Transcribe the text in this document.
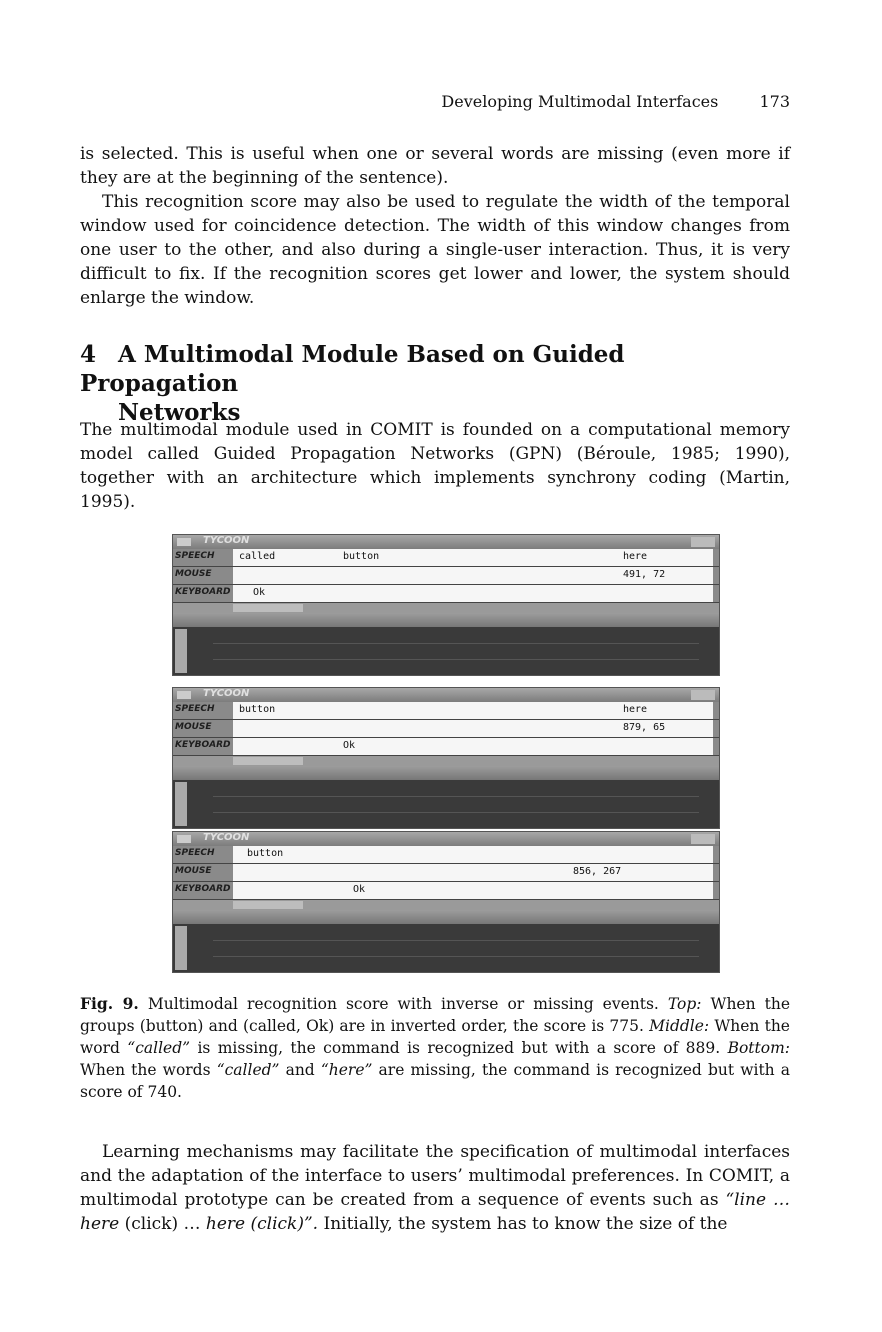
Developing Multimodal Interfaces	173

is selected. This is useful when one or several words are missing (even more if they are at the beginning of the sentence).

This recognition score may also be used to regulate the width of the temporal window used for coincidence detection. The width of this window changes from one user to the other, and also during a single-user interaction. Thus, it is very difficult to fix. If the recognition scores get lower and lower, the system should enlarge the window.

4 A Multimodal Module Based on Guided Propagation
Networks

The multimodal module used in COMIT is founded on a computational memory model called Guided Propagation Networks (GPN) (Béroule, 1985; 1990), together with an architecture which implements synchrony coding (Martin, 1995).

TYCOON
SPEECH	called	button	here
MOUSE	491, 72
KEYBOARD Ok
TYCOON
SPEECH	button	here
MOUSE	879, 65
KEYBOARD	Ok
TYCOON
SPEECH	button
MOUSE	856, 267
KEYBOARD	Ok
Fig. 9. Multimodal recognition score with inverse or missing events. Top: When the groups (button) and (called, Ok) are in inverted order, the score is 775. Middle: When the word “called” is missing, the command is recognized but with a score of 889. Bottom: When the words “called” and “here” are missing, the command is recognized but with a score of 740.

Learning mechanisms may facilitate the specification of multimodal interfaces and the adaptation of the interface to users’ multimodal preferences. In COMIT, a multimodal prototype can be created from a sequence of events such as “line … here (click) … here (click)”. Initially, the system has to know the size of the
